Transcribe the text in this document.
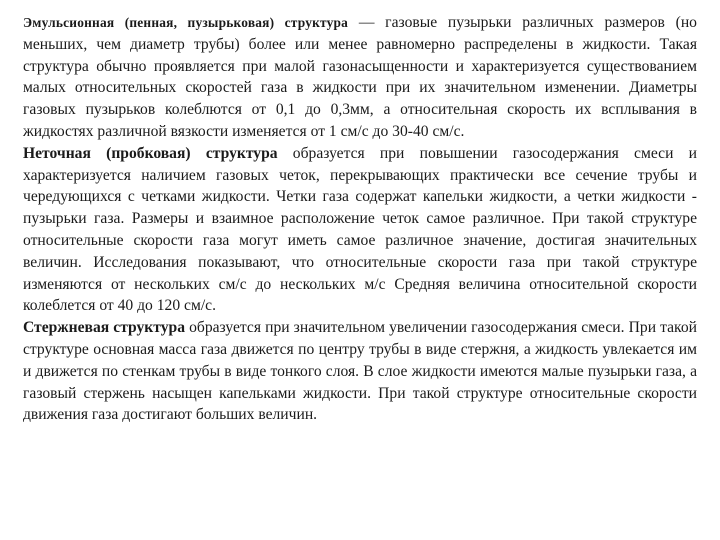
Эмульсионная (пенная, пузырьковая) структура — газовые пузырьки различных размеров (но меньших, чем диаметр трубы) более или менее равномерно распределены в жидкости. Такая структура обычно проявляется при малой газонасыщенности и характеризуется существованием малых относительных скоростей газа в жидкости при их значительном изменении. Диаметры газовых пузырьков колеблются от 0,1 до 0,3мм, а относительная скорость их всплывания в жидкостях различной вязкости изменяется от 1 см/с до 30-40 см/с.

Неточная (пробковая) структура образуется при повышении газосодержания смеси и характеризуется наличием газовых четок, перекрывающих практически все сечение трубы и чередующихся с четками жидкости. Четки газа содержат капельки жидкости, а четки жидкости - пузырьки газа. Размеры и взаимное расположение четок самое различное. При такой структуре относительные скорости газа могут иметь самое различное значение, достигая значительных величин. Исследования показывают, что относительные скорости газа при такой структуре изменяются от нескольких см/с до нескольких м/с Средняя величина относительной скорости колеблется от 40 до 120 см/с.

Стержневая структура образуется при значительном увеличении газосодержания смеси. При такой структуре основная масса газа движется по центру трубы в виде стержня, а жидкость увлекается им и движется по стенкам трубы в виде тонкого слоя. В слое жидкости имеются малые пузырьки газа, а газовый стержень насыщен капельками жидкости. При такой структуре относительные скорости движения газа достигают больших величин.
